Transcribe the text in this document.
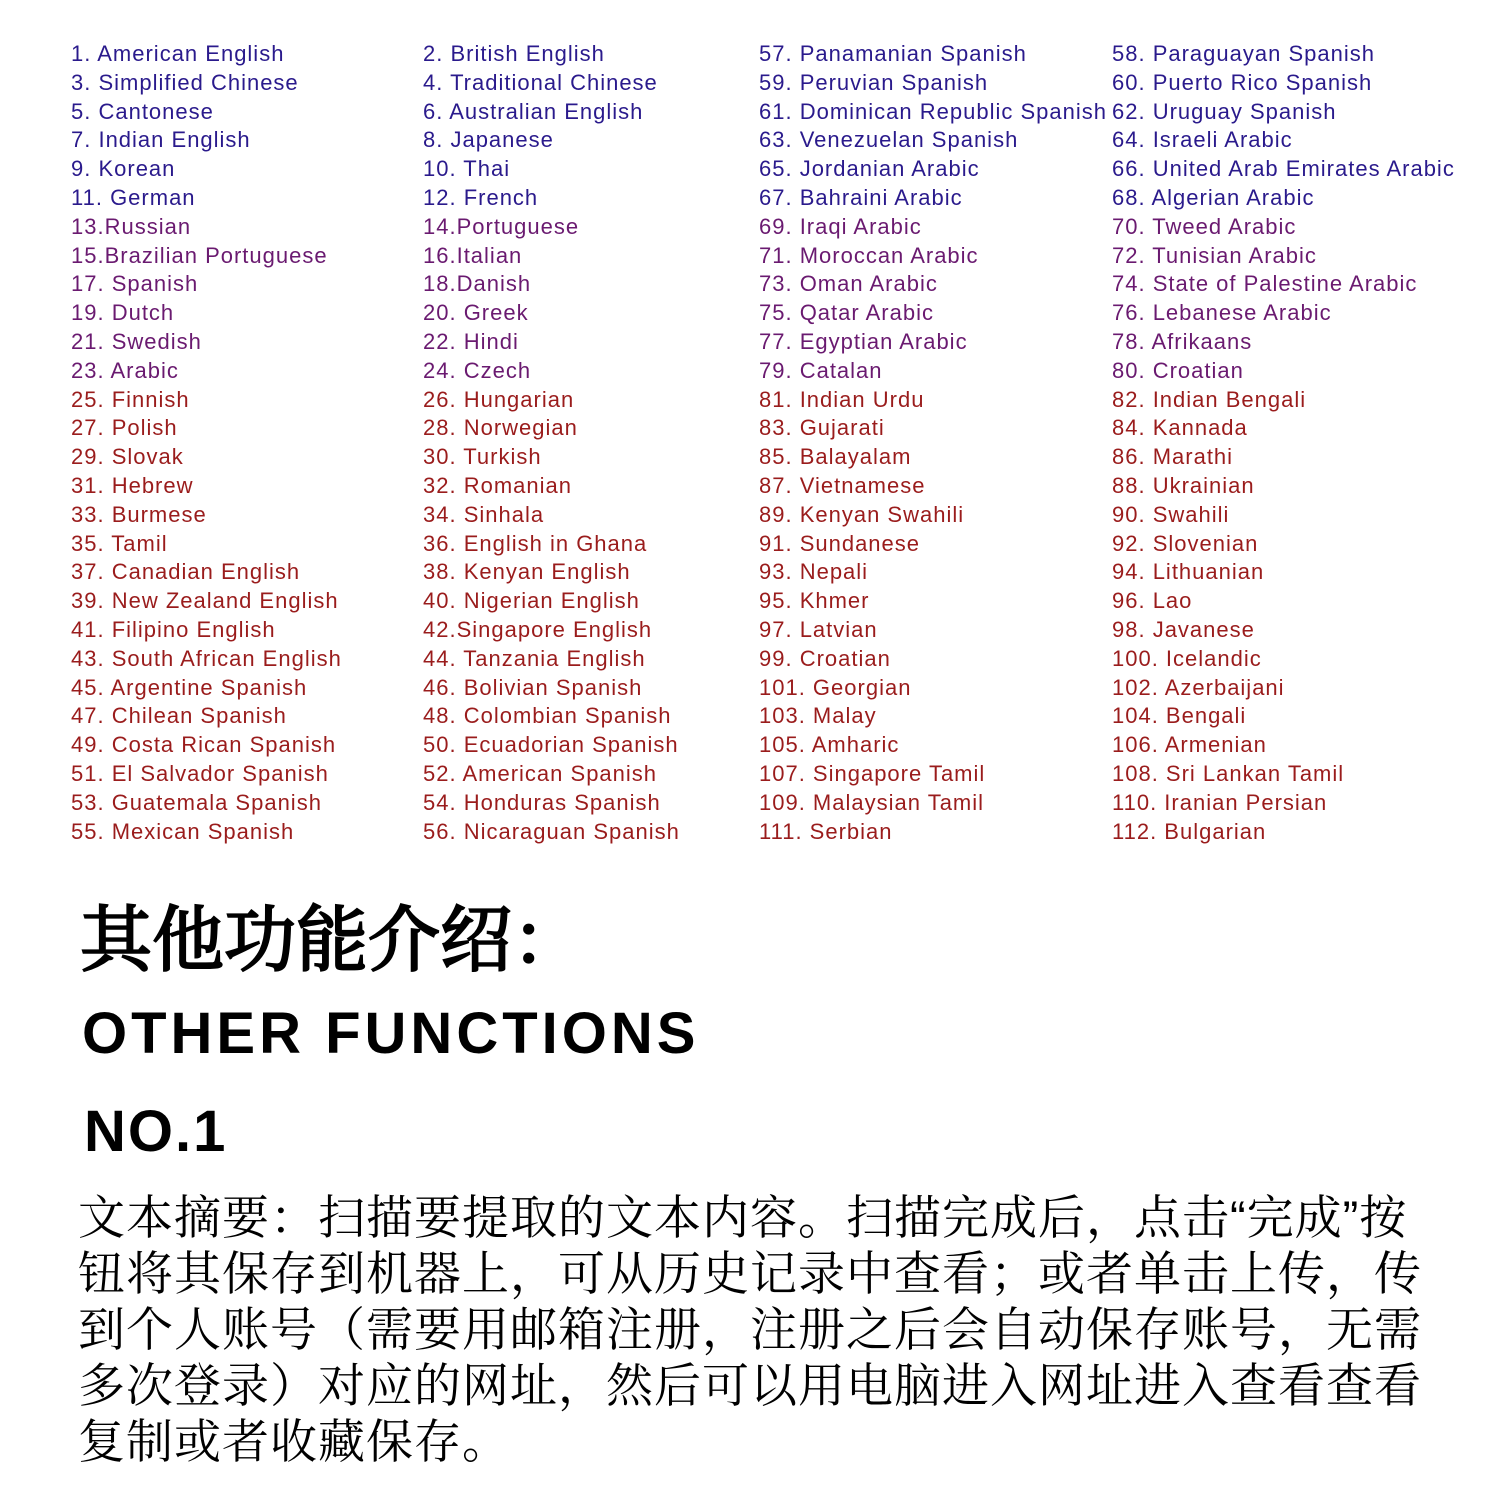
1. American English
3. Simplified Chinese
5. Cantonese
7. Indian English
9. Korean
11. German
13.Russian
15.Brazilian Portuguese
17. Spanish
19. Dutch
21. Swedish
23. Arabic
25. Finnish
27. Polish
29. Slovak
31. Hebrew
33. Burmese
35. Tamil
37. Canadian English
39. New Zealand English
41. Filipino English
43. South African English
45. Argentine Spanish
47. Chilean Spanish
49. Costa Rican Spanish
51. El Salvador Spanish
53. Guatemala Spanish
55. Mexican Spanish
2. British English
4. Traditional Chinese
6. Australian English
8. Japanese
10. Thai
12. French
14.Portuguese
16.Italian
18.Danish
20. Greek
22. Hindi
24. Czech
26. Hungarian
28. Norwegian
30. Turkish
32. Romanian
34. Sinhala
36. English in Ghana
38. Kenyan English
40. Nigerian English
42.Singapore English
44. Tanzania English
46. Bolivian Spanish
48. Colombian Spanish
50. Ecuadorian Spanish
52. American Spanish
54. Honduras Spanish
56. Nicaraguan Spanish
57. Panamanian Spanish
59. Peruvian Spanish
61. Dominican Republic Spanish
63. Venezuelan Spanish
65. Jordanian Arabic
67. Bahraini Arabic
69. Iraqi Arabic
71. Moroccan Arabic
73. Oman Arabic
75. Qatar Arabic
77. Egyptian Arabic
79. Catalan
81. Indian Urdu
83. Gujarati
85. Balayalam
87. Vietnamese
89. Kenyan Swahili
91. Sundanese
93. Nepali
95. Khmer
97. Latvian
99. Croatian
101. Georgian
103. Malay
105. Amharic
107. Singapore Tamil
109. Malaysian Tamil
111. Serbian
58. Paraguayan Spanish
60. Puerto Rico Spanish
62. Uruguay Spanish
64. Israeli Arabic
66. United Arab Emirates Arabic
68. Algerian Arabic
70. Tweed Arabic
72. Tunisian Arabic
74. State of Palestine Arabic
76. Lebanese Arabic
78. Afrikaans
80. Croatian
82. Indian Bengali
84. Kannada
86. Marathi
88. Ukrainian
90. Swahili
92. Slovenian
94. Lithuanian
96. Lao
98. Javanese
100. Icelandic
102. Azerbaijani
104. Bengali
106. Armenian
108. Sri Lankan Tamil
110. Iranian Persian
112. Bulgarian
其他功能介绍：
OTHER FUNCTIONS
NO.1

文本摘要：扫描要提取的文本内容。扫描完成后，点击“完成”按钮将其保存到机器上，可从历史记录中查看；或者单击上传，传到个人账号（需要用邮箱注册，注册之后会自动保存账号，无需多次登录）对应的网址，然后可以用电脑进入网址进入查看查看复制或者收藏保存。
